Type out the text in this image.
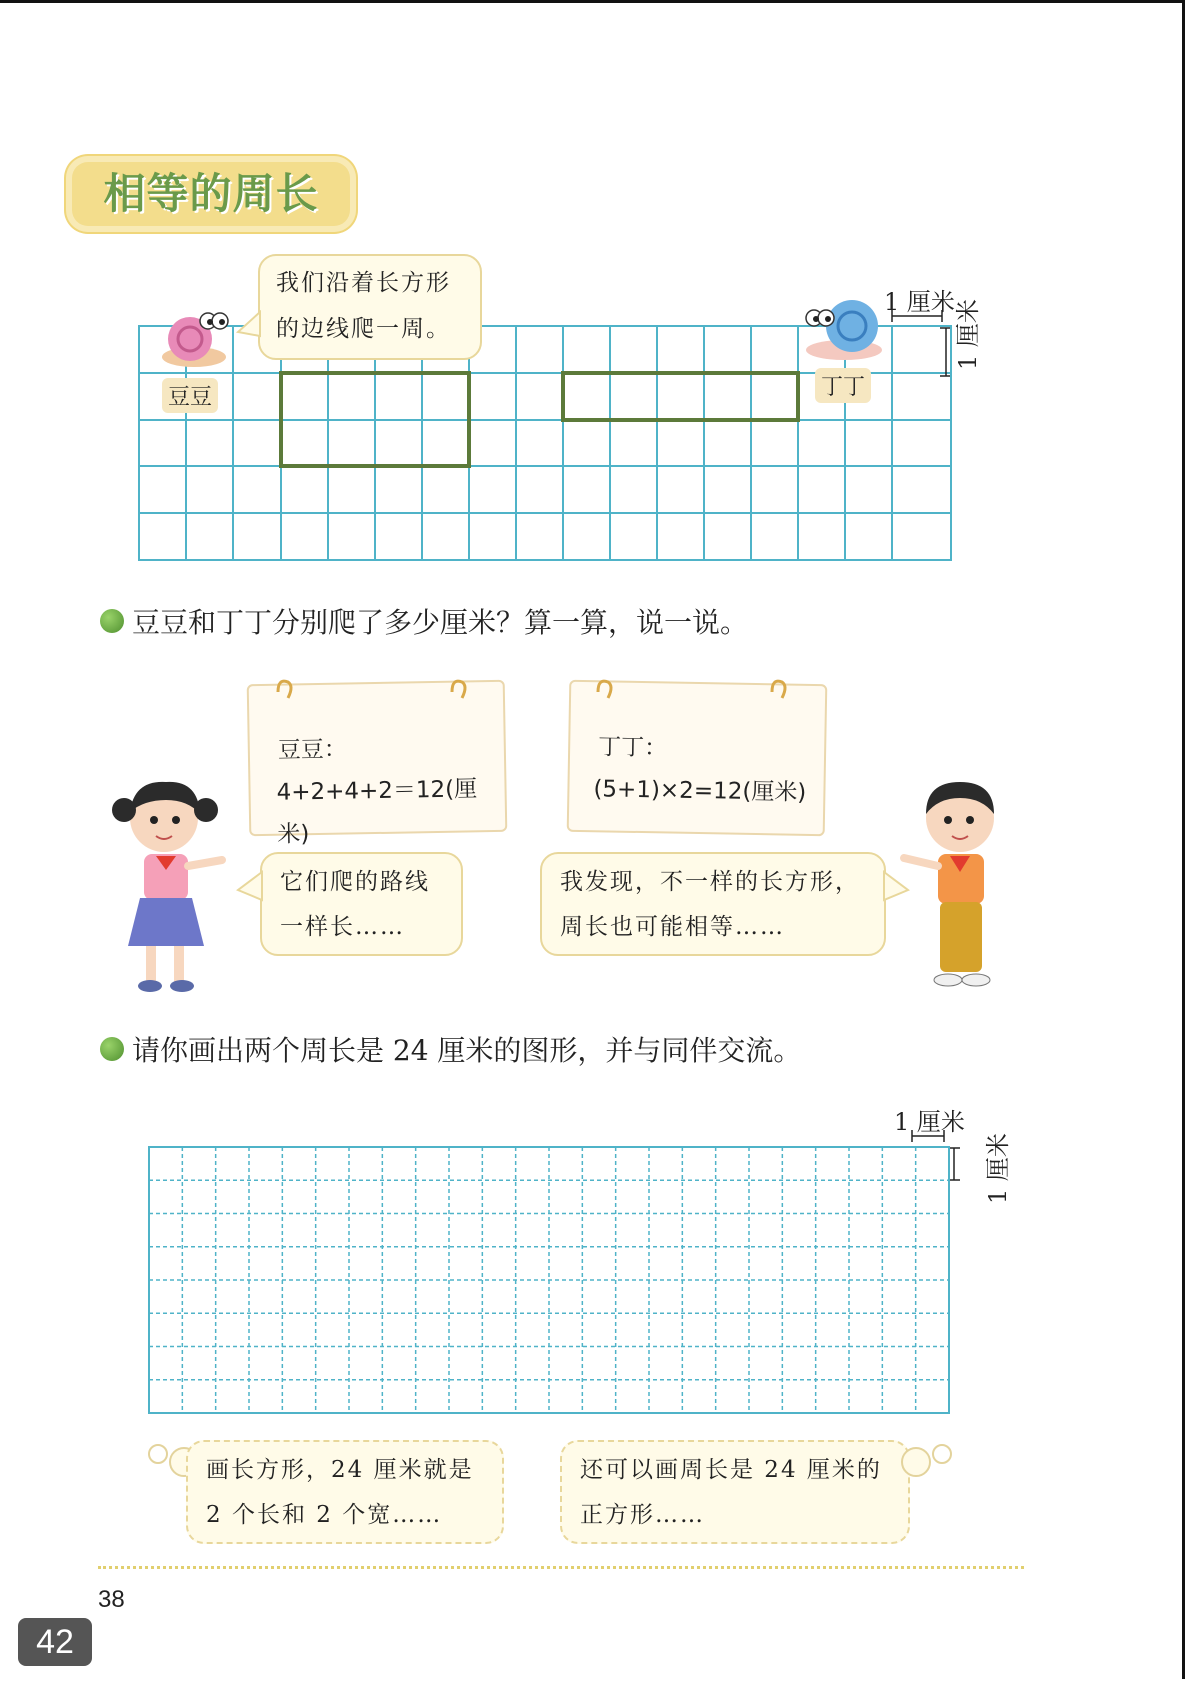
相等的周长
豆豆	丁丁
我们沿着长方形
的边线爬一周。
1 厘米 1 厘米
豆豆和丁丁分别爬了多少厘米？算一算，说一说。
豆豆：
4+2+4+2＝12(厘米)
丁丁：
(5+1)×2=12(厘米)
它们爬的路线
一样长……
我发现，不一样的长方形，
周长也可能相等……
请你画出两个周长是 24 厘米的图形，并与同伴交流。
1 厘米
1 厘米
画长方形，24 厘米就是
2 个长和 2 个宽……
还可以画周长是 24 厘米的
正方形……
38
42
